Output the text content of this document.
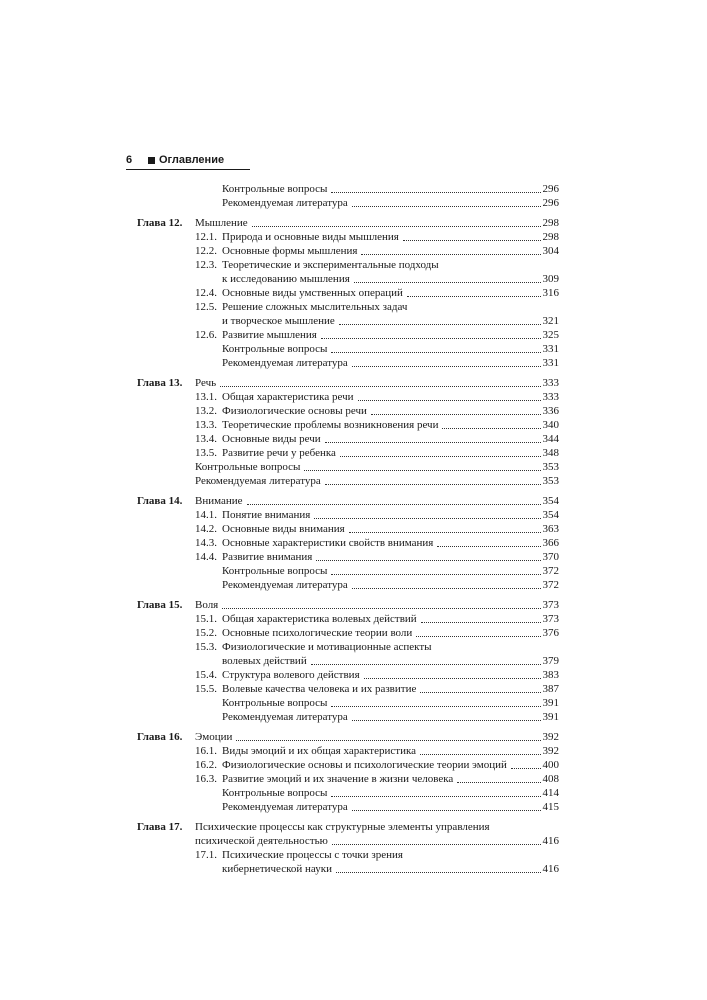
6 Оглавление
Контрольные вопросы	296
Рекомендуемая литература	296
Глава 12. Мышление	298
12.1. Природа и основные виды мышления	298
12.2. Основные формы мышления	304
12.3. Теоретические и экспериментальные подходы
к исследованию мышления	309
12.4. Основные виды умственных операций	316
12.5. Решение сложных мыслительных задач
и творческое мышление	321
12.6. Развитие мышления	325
Контрольные вопросы	331
Рекомендуемая литература	331
Глава 13. Речь	333
13.1. Общая характеристика речи	333
13.2. Физиологические основы речи	336
13.3. Теоретические проблемы возникновения речи	340
13.4. Основные виды речи	344
13.5. Развитие речи у ребенка	348
Контрольные вопросы	353
Рекомендуемая литература	353
Глава 14. Внимание	354
14.1. Понятие внимания	354
14.2. Основные виды внимания	363
14.3. Основные характеристики свойств внимания	366
14.4. Развитие внимания	370
Контрольные вопросы	372
Рекомендуемая литература	372
Глава 15. Воля	373
15.1. Общая характеристика волевых действий	373
15.2. Основные психологические теории воли	376
15.3. Физиологические и мотивационные аспекты
волевых действий	379
15.4. Структура волевого действия	383
15.5. Волевые качества человека и их развитие	387
Контрольные вопросы	391
Рекомендуемая литература	391
Глава 16. Эмоции	392
16.1. Виды эмоций и их общая характеристика	392
16.2. Физиологические основы и психологические теории эмоций	400
16.3. Развитие эмоций и их значение в жизни человека	408
Контрольные вопросы	414
Рекомендуемая литература	415
Глава 17. Психические процессы как структурные элементы управления
психической деятельностью	416
17.1. Психические процессы с точки зрения
кибернетической науки	416
